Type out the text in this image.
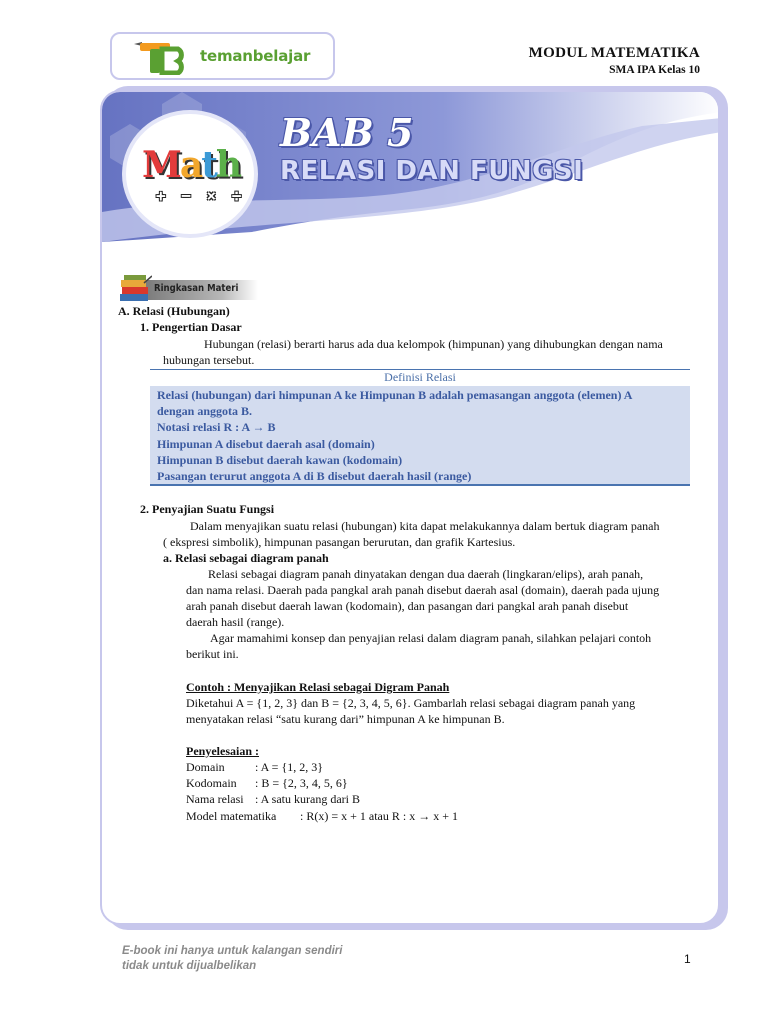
temanbelajar	MODUL MATEMATIKA
SMA IPA Kelas 10
Math
+ − × ÷
BAB 5
RELASI DAN FUNGSI
Ringkasan Materi
A. Relasi (Hubungan)
1. Pengertian Dasar
Hubungan (relasi) berarti harus ada dua kelompok (himpunan) yang dihubungkan dengan nama
hubungan tersebut.
Definisi Relasi
Relasi (hubungan) dari himpunan A ke Himpunan B adalah pemasangan anggota (elemen) A
dengan anggota B.
Notasi relasi R : A → B
Himpunan A disebut daerah asal (domain)
Himpunan B disebut daerah kawan (kodomain)
Pasangan terurut anggota A di B disebut daerah hasil (range)
2. Penyajian Suatu Fungsi
Dalam menyajikan suatu relasi (hubungan) kita dapat melakukannya dalam bertuk diagram panah
( ekspresi simbolik), himpunan pasangan berurutan, dan grafik Kartesius.
a. Relasi sebagai diagram panah
Relasi sebagai diagram panah dinyatakan dengan dua daerah (lingkaran/elips), arah panah,
dan nama relasi. Daerah pada pangkal arah panah disebut daerah asal (domain), daerah pada ujung
arah panah disebut daerah lawan (kodomain), dan pasangan dari pangkal arah panah disebut
daerah hasil (range).
Agar mamahimi konsep dan penyajian relasi dalam diagram panah, silahkan pelajari contoh
berikut ini.
Contoh : Menyajikan Relasi sebagai Digram Panah
Diketahui A = {1, 2, 3} dan B = {2, 3, 4, 5, 6}. Gambarlah relasi sebagai diagram panah yang
menyatakan relasi “satu kurang dari” himpunan A ke himpunan B.
Penyelesaian :
Domain	: A = {1, 2, 3}
Kodomain : B = {2, 3, 4, 5, 6}
Nama relasi : A satu kurang dari B
Model matematika : R(x) = x + 1 atau R : x → x + 1
E-book ini hanya untuk kalangan sendiri
tidak untuk dijualbelikan	1
